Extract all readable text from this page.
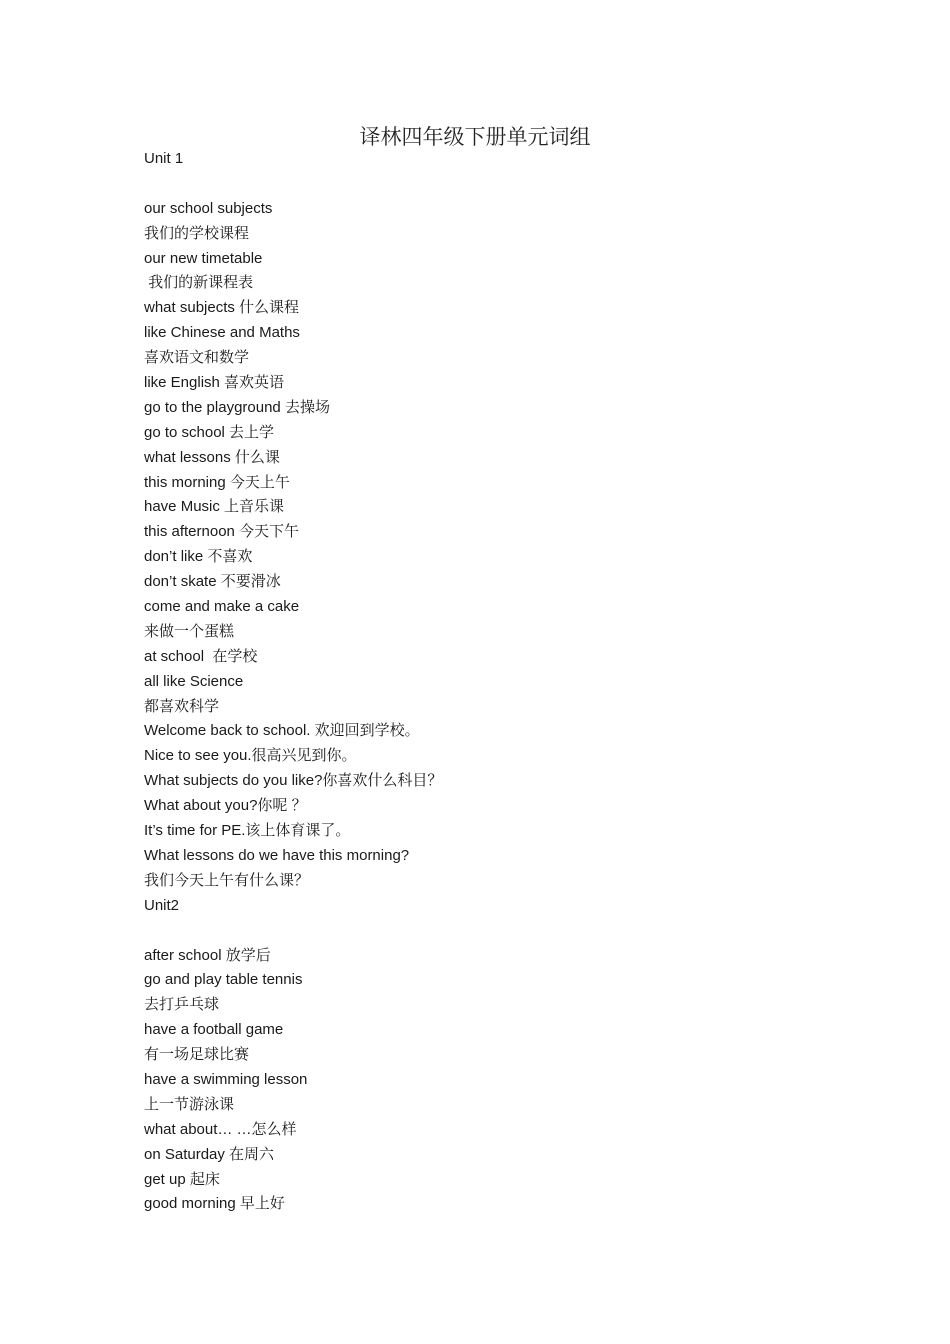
译林四年级下册单元词组
Unit 1
our school subjects
我们的学校课程
our new timetable
我们的新课程表
what subjects 什么课程
like Chinese and Maths
喜欢语文和数学
like English 喜欢英语
go to the playground 去操场
go to school 去上学
what lessons 什么课
this morning 今天上午
have Music 上音乐课
this afternoon 今天下午
don’t like 不喜欢
don’t skate 不要滑冰
come and make a cake
来做一个蛋糕
at school  在学校
all like Science
都喜欢科学
Welcome back to school. 欢迎回到学校。
Nice to see you.很高兴见到你。
What subjects do you like?你喜欢什么科目？
What about you?你呢 ？
It’s time for PE.该上体育课了。
What lessons do we have this morning?
我们今天上午有什么课？
Unit2
after school 放学后
go and play table tennis
去打乒乓球
have a football game
有一场足球比赛
have a swimming lesson
上一节游泳课
what about… …怎么样
on Saturday 在周六
get up 起床
good morning 早上好
